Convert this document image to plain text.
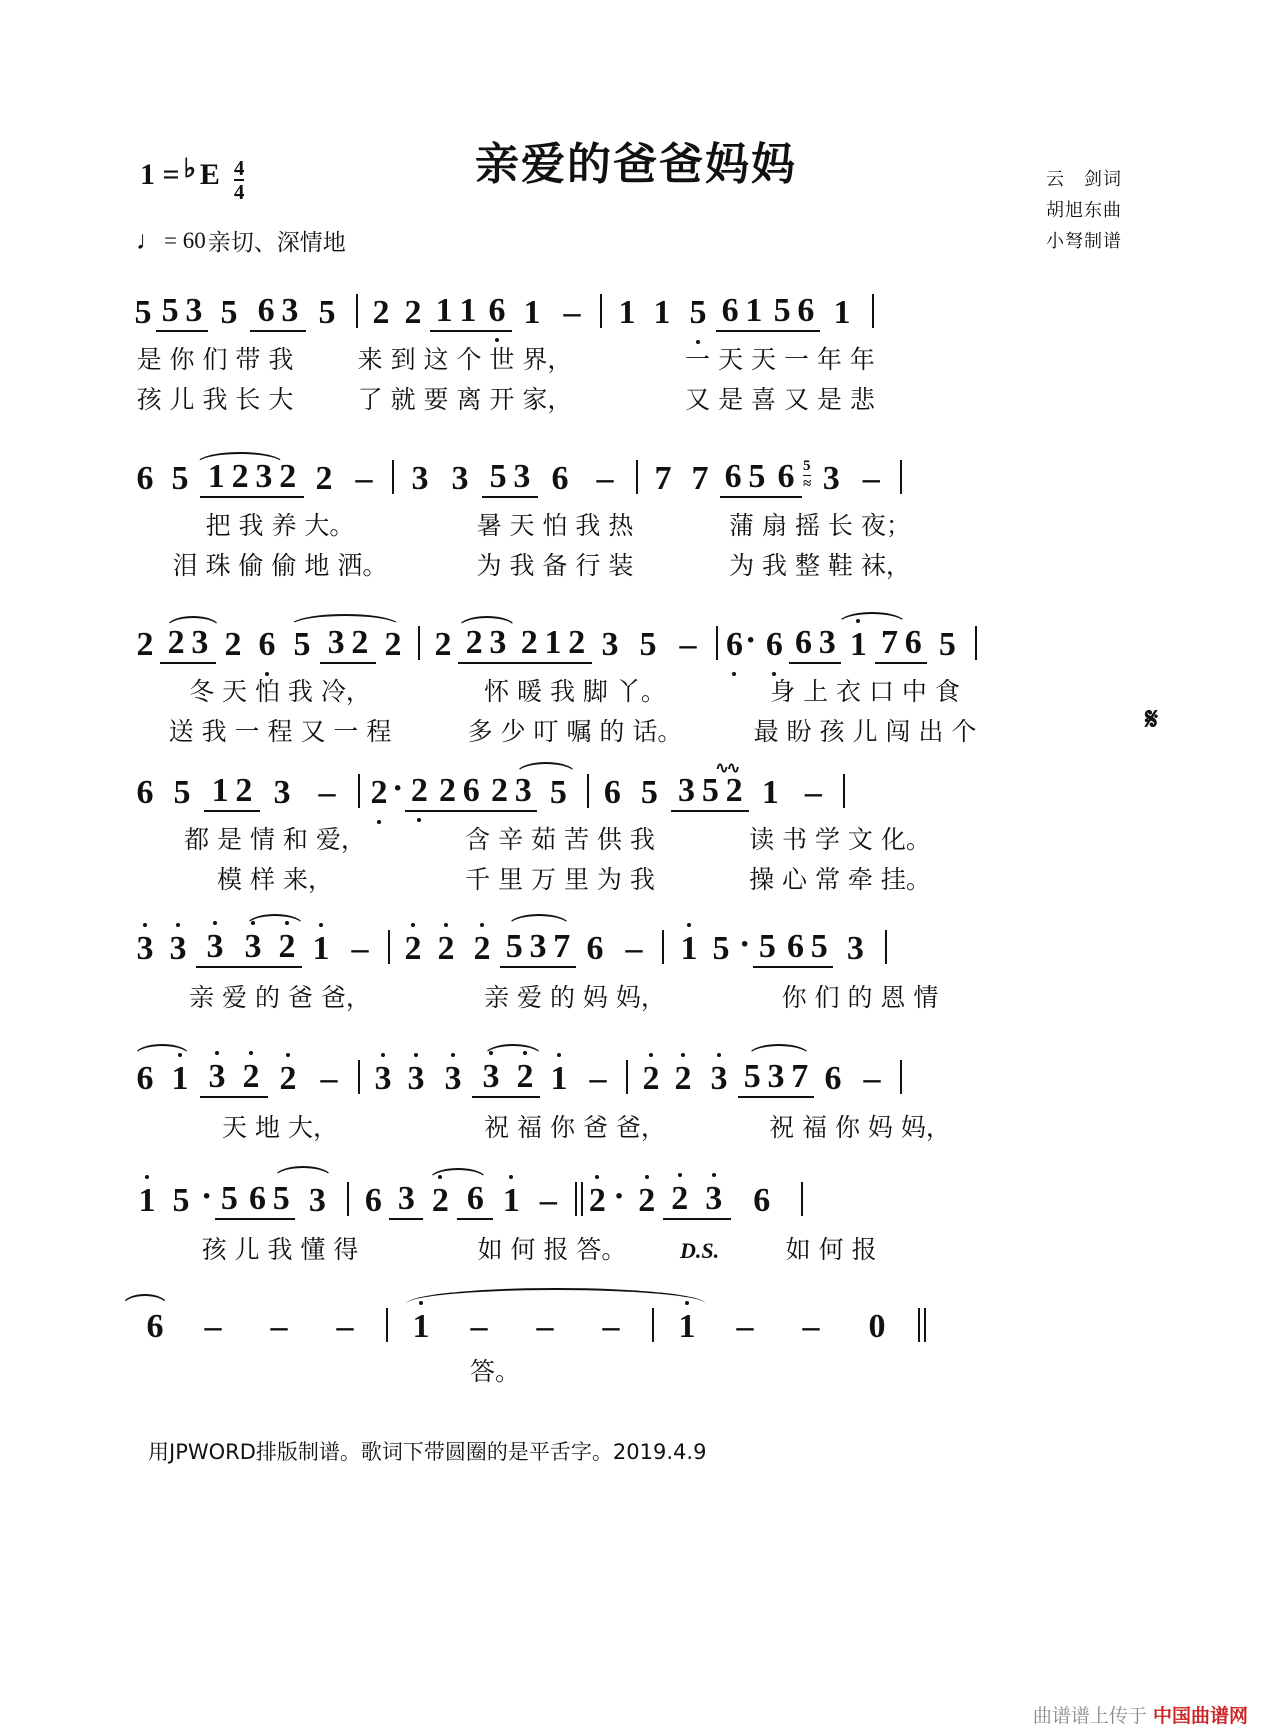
亲爱的爸爸妈妈
1 = ♭ E $\frac{4}{4}$
♩ = 60 亲切、深情地
云　剑词
胡旭东曲
小弩制谱
5 5 3 5 6 3 5	2 2 1 1 6 1 –	1 1 5 6 1 5 6 1
是 你 们 带 我	来 到 这 个 世 界，	一 天 天 一 年 年
孩 儿 我 长 大	了 就 要 离 开 家，	又 是 喜 又 是 悲
6 5 1 2 3 2 2 –	3 3 5 3 6 –	7 7 6 5 6 5
≈ 3 –
把 我 养 大。	暑 天 怕 我 热	蒲 扇 摇 长 夜；
泪 珠 偷 偷 地 洒。	为 我 备 行 装	为 我 整 鞋 袜，
2 2 3 2 6 5 3 2 2 2 2 3 2 1 2 3 5 – 6 · 6 6 3 1 7 6 5
𝄋
冬 天 怕 我 冷，	怀 暖 我 脚 丫。	身 上 衣 口 中 食
送 我 一 程 又 一 程	多 少 叮 嘱 的 话。	最 盼 孩 儿 闯 出 个
6 5 1 2 3 –	2 · 2 2 6 2 3 5
∿∿
6 5 3 5 2 1 –
都 是 情 和 爱，	含 辛 茹 苦 供 我	读 书 学 文 化。
模 样 来，	千 里 万 里 为 我	操 心 常 牵 挂。
3 3 3 3 2 1 –	2 2 2 5 3 7 6 –	1 5 · 5 6 5 3
亲 爱 的 爸 爸，	亲 爱 的 妈 妈，	你 们 的 恩 情
6 1 3 2 2 –	3 3 3 3 2 1 –	2 2 3 5 3 7 6 –
天 地 大，	祝 福 你 爸 爸，	祝 福 你 妈 妈，
1 5 · 5 6 5 3	6 3 2 6 1 – 2 · 2 2 3 6
孩 儿 我 懂 得	如 何 报 答。	D.S.	如 何 报
6	–	–	–	1	–	–	–	1	–	–	0
答。
用JPWORD排版制谱。歌词下带圆圈的是平舌字。2019.4.9
曲谱谱上传于 中国曲谱网
